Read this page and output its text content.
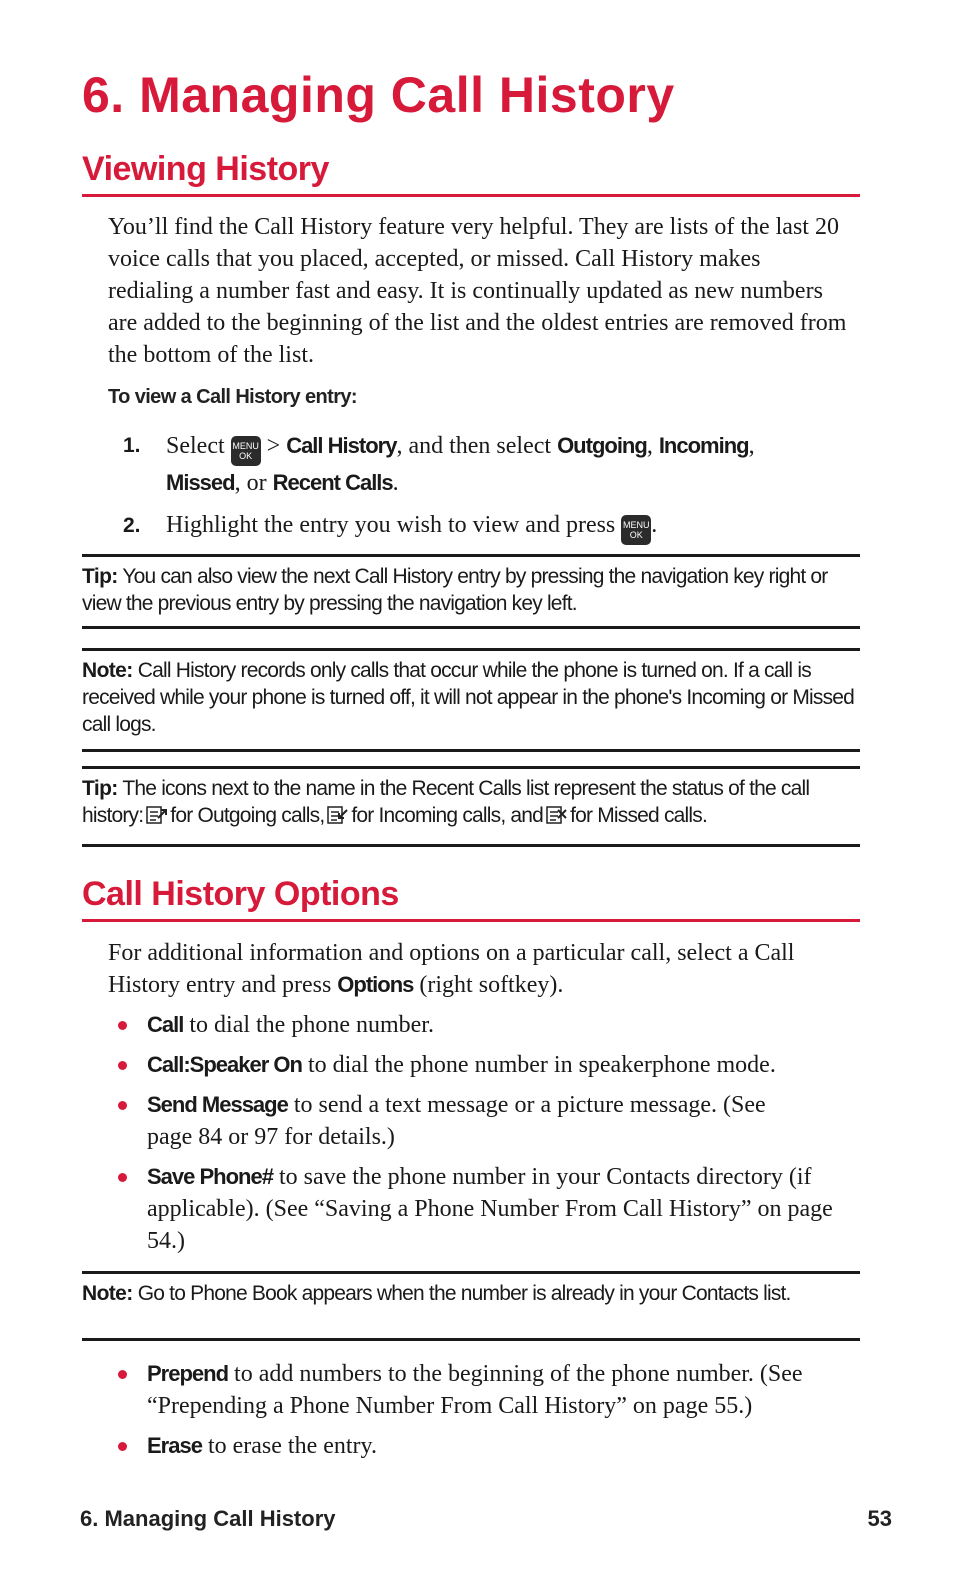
6. Managing Call History
Viewing History

You’ll find the Call History feature very helpful. They are lists of the last 20 voice calls that you placed, accepted, or missed. Call History makes redialing a number fast and easy. It is continually updated as new numbers are added to the beginning of the list and the oldest entries are removed from the bottom of the list.

To view a Call History entry:

1. Select MENU
OK > Call History, and then select Outgoing, Incoming,
Missed, or Recent Calls.
2. Highlight the entry you wish to view and press MENU
OK .
Tip: You can also view the next Call History entry by pressing the navigation key right or view the previous entry by pressing the navigation key left.
Note: Call History records only calls that occur while the phone is turned on. If a call is received while your phone is turned off, it will not appear in the phone's Incoming or Missed call logs.
Tip: The icons next to the name in the Recent Calls list represent the status of the call history: for Outgoing calls, for Incoming calls, and for Missed calls.
Call History Options

For additional information and options on a particular call, select a Call History entry and press Options (right softkey).

Call to dial the phone number.
Call:Speaker On to dial the phone number in speakerphone mode.
Send Message to send a text message or a picture message. (See page 84 or 97 for details.)
Save Phone# to save the phone number in your Contacts directory (if applicable). (See “Saving a Phone Number From Call History” on page 54.)
Note: Go to Phone Book appears when the number is already in your Contacts list.
Prepend to add numbers to the beginning of the phone number. (See “Prepending a Phone Number From Call History” on page 55.)
Erase to erase the entry.
6. Managing Call History	53
